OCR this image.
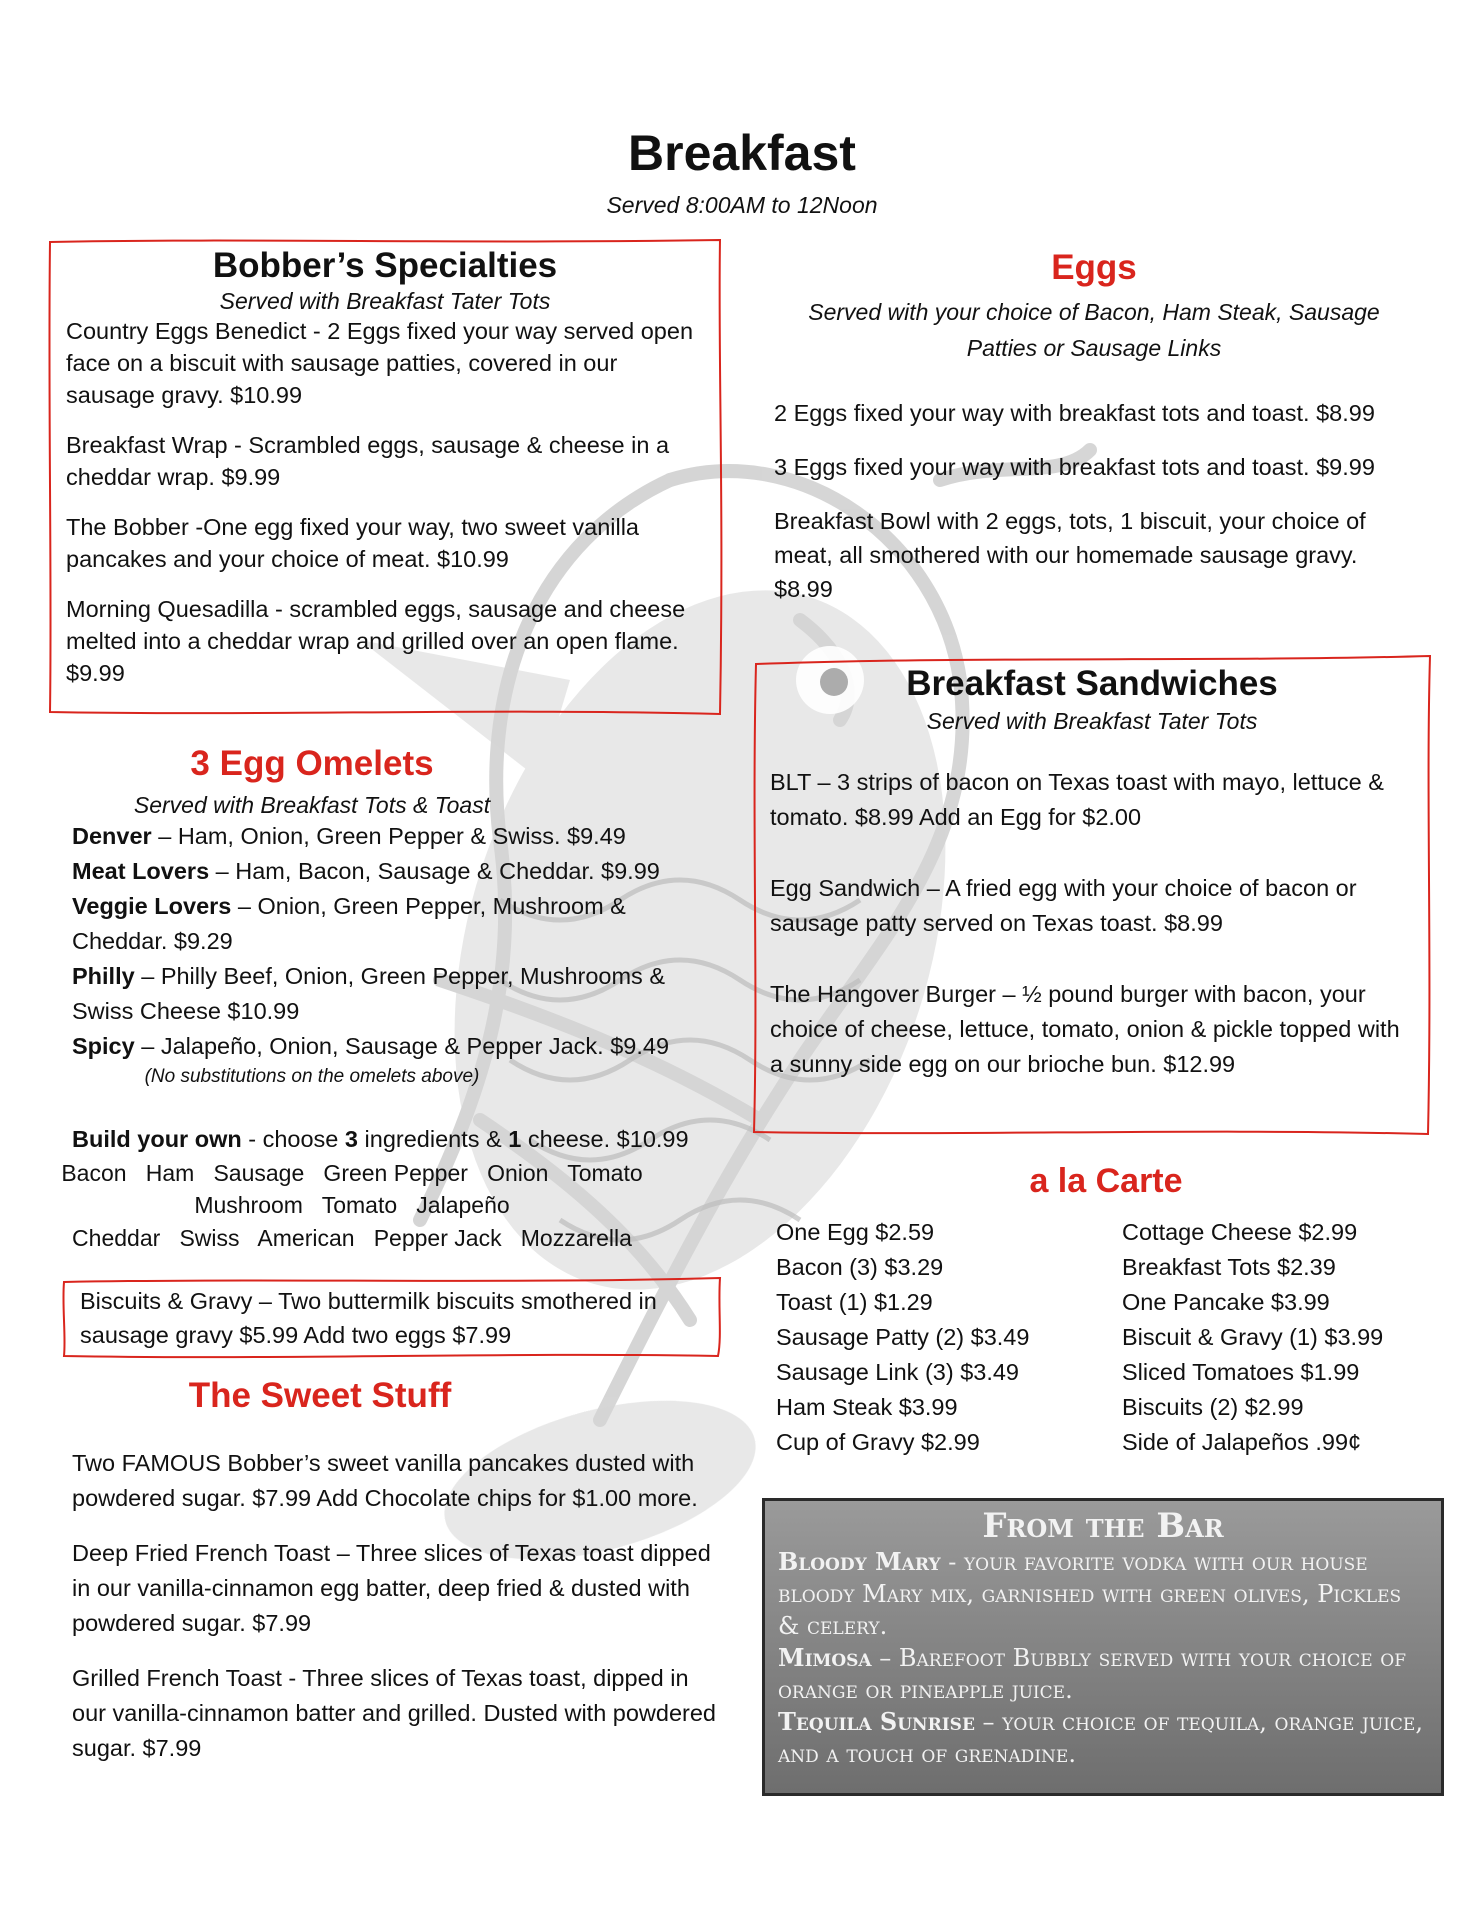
Breakfast
Served 8:00AM to 12Noon
Bobber’s Specialties
Served with Breakfast Tater Tots

Country Eggs Benedict - 2 Eggs fixed your way served open face on a biscuit with sausage patties, covered in our sausage gravy. $10.99

Breakfast Wrap - Scrambled eggs, sausage & cheese in a cheddar wrap. $9.99

The Bobber -One egg fixed your way, two sweet vanilla pancakes and your choice of meat. $10.99

Morning Quesadilla - scrambled eggs, sausage and cheese melted into a cheddar wrap and grilled over an open flame. $9.99

3 Egg Omelets
Served with Breakfast Tots & Toast
Denver – Ham, Onion, Green Pepper & Swiss. $9.49
Meat Lovers – Ham, Bacon, Sausage & Cheddar. $9.99
Veggie Lovers – Onion, Green Pepper, Mushroom & Cheddar. $9.29
Philly – Philly Beef, Onion, Green Pepper, Mushrooms & Swiss Cheese $10.99
Spicy – Jalapeño, Onion, Sausage & Pepper Jack. $9.49
(No substitutions on the omelets above)
Build your own - choose 3 ingredients & 1 cheese. $10.99
Bacon   Ham   Sausage   Green Pepper   Onion   Tomato
Mushroom   Tomato   Jalapeño
Cheddar   Swiss   American   Pepper Jack   Mozzarella
Biscuits & Gravy – Two buttermilk biscuits smothered in sausage gravy $5.99 Add two eggs $7.99
The Sweet Stuff

Two FAMOUS Bobber’s sweet vanilla pancakes dusted with powdered sugar. $7.99 Add Chocolate chips for $1.00 more.

Deep Fried French Toast – Three slices of Texas toast dipped in our vanilla-cinnamon egg batter, deep fried & dusted with powdered sugar. $7.99

Grilled French Toast - Three slices of Texas toast, dipped in our vanilla-cinnamon batter and grilled. Dusted with powdered sugar. $7.99

Eggs
Served with your choice of Bacon, Ham Steak, Sausage Patties or Sausage Links

2 Eggs fixed your way with breakfast tots and toast. $8.99

3 Eggs fixed your way with breakfast tots and toast. $9.99

Breakfast Bowl with 2 eggs, tots, 1 biscuit, your choice of meat, all smothered with our homemade sausage gravy. $8.99

Breakfast Sandwiches
Served with Breakfast Tater Tots

BLT – 3 strips of bacon on Texas toast with mayo, lettuce & tomato. $8.99 Add an Egg for $2.00

Egg Sandwich – A fried egg with your choice of bacon or sausage patty served on Texas toast. $8.99

The Hangover Burger – ½ pound burger with bacon, your choice of cheese, lettuce, tomato, onion & pickle topped with a sunny side egg on our brioche bun. $12.99

a la Carte
One Egg $2.59
Bacon (3) $3.29
Toast (1) $1.29
Sausage Patty (2) $3.49
Sausage Link (3) $3.49
Ham Steak $3.99
Cup of Gravy $2.99
Cottage Cheese $2.99
Breakfast Tots $2.39
One Pancake $3.99
Biscuit & Gravy (1) $3.99
Sliced Tomatoes $1.99
Biscuits (2) $2.99
Side of Jalapeños .99¢
From the Bar
Bloody Mary - your favorite vodka with our house bloody Mary mix, garnished with green olives, Pickles & celery.
Mimosa – Barefoot Bubbly served with your choice of orange or pineapple juice.
Tequila Sunrise – your choice of tequila, orange juice, and a touch of grenadine.
